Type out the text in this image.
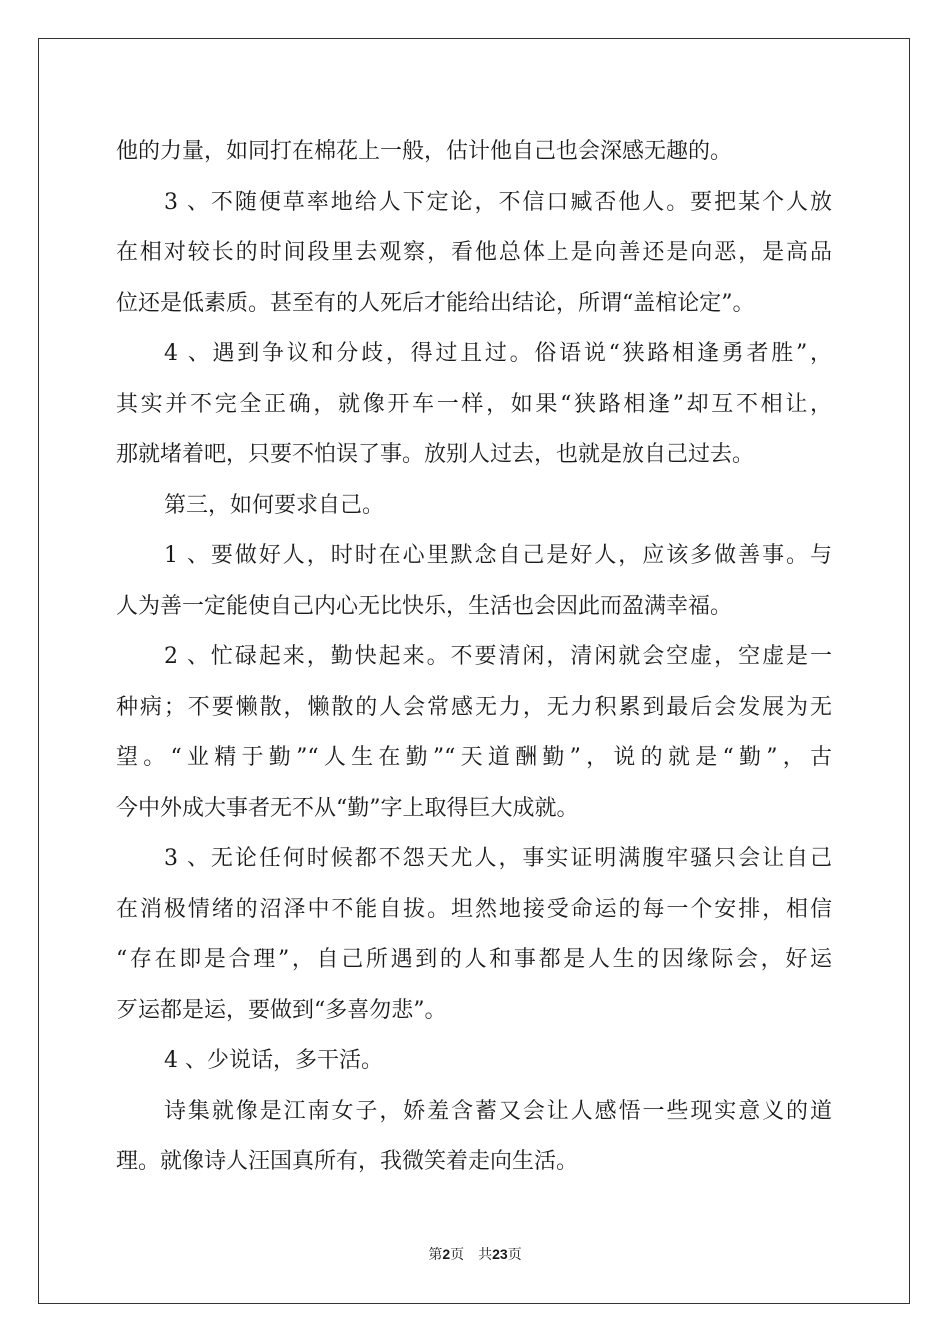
他的力量，如同打在棉花上一般，估计他自己也会深感无趣的。
3 、不随便草率地给人下定论，不信口臧否他人。要把某个人放
在相对较长的时间段里去观察，看他总体上是向善还是向恶，是高品
位还是低素质。甚至有的人死后才能给出结论，所谓“盖棺论定”。
4 、遇到争议和分歧，得过且过。俗语说“狭路相逢勇者胜”，
其实并不完全正确，就像开车一样，如果“狭路相逢”却互不相让，
那就堵着吧，只要不怕误了事。放别人过去，也就是放自己过去。
第三，如何要求自己。
1 、要做好人，时时在心里默念自己是好人，应该多做善事。与
人为善一定能使自己内心无比快乐，生活也会因此而盈满幸福。
2 、忙碌起来，勤快起来。不要清闲，清闲就会空虚，空虚是一
种病；不要懒散，懒散的人会常感无力，无力积累到最后会发展为无
望。“业精于勤”“人生在勤”“天道酬勤”，说的就是“勤”，古
今中外成大事者无不从“勤”字上取得巨大成就。
3 、无论任何时候都不怨天尤人，事实证明满腹牢骚只会让自己
在消极情绪的沼泽中不能自拔。坦然地接受命运的每一个安排，相信
“存在即是合理”，自己所遇到的人和事都是人生的因缘际会，好运
歹运都是运，要做到“多喜勿悲”。
4 、少说话，多干活。
诗集就像是江南女子，娇羞含蓄又会让人感悟一些现实意义的道
理。就像诗人汪国真所有，我微笑着走向生活。
第2页 共23页
